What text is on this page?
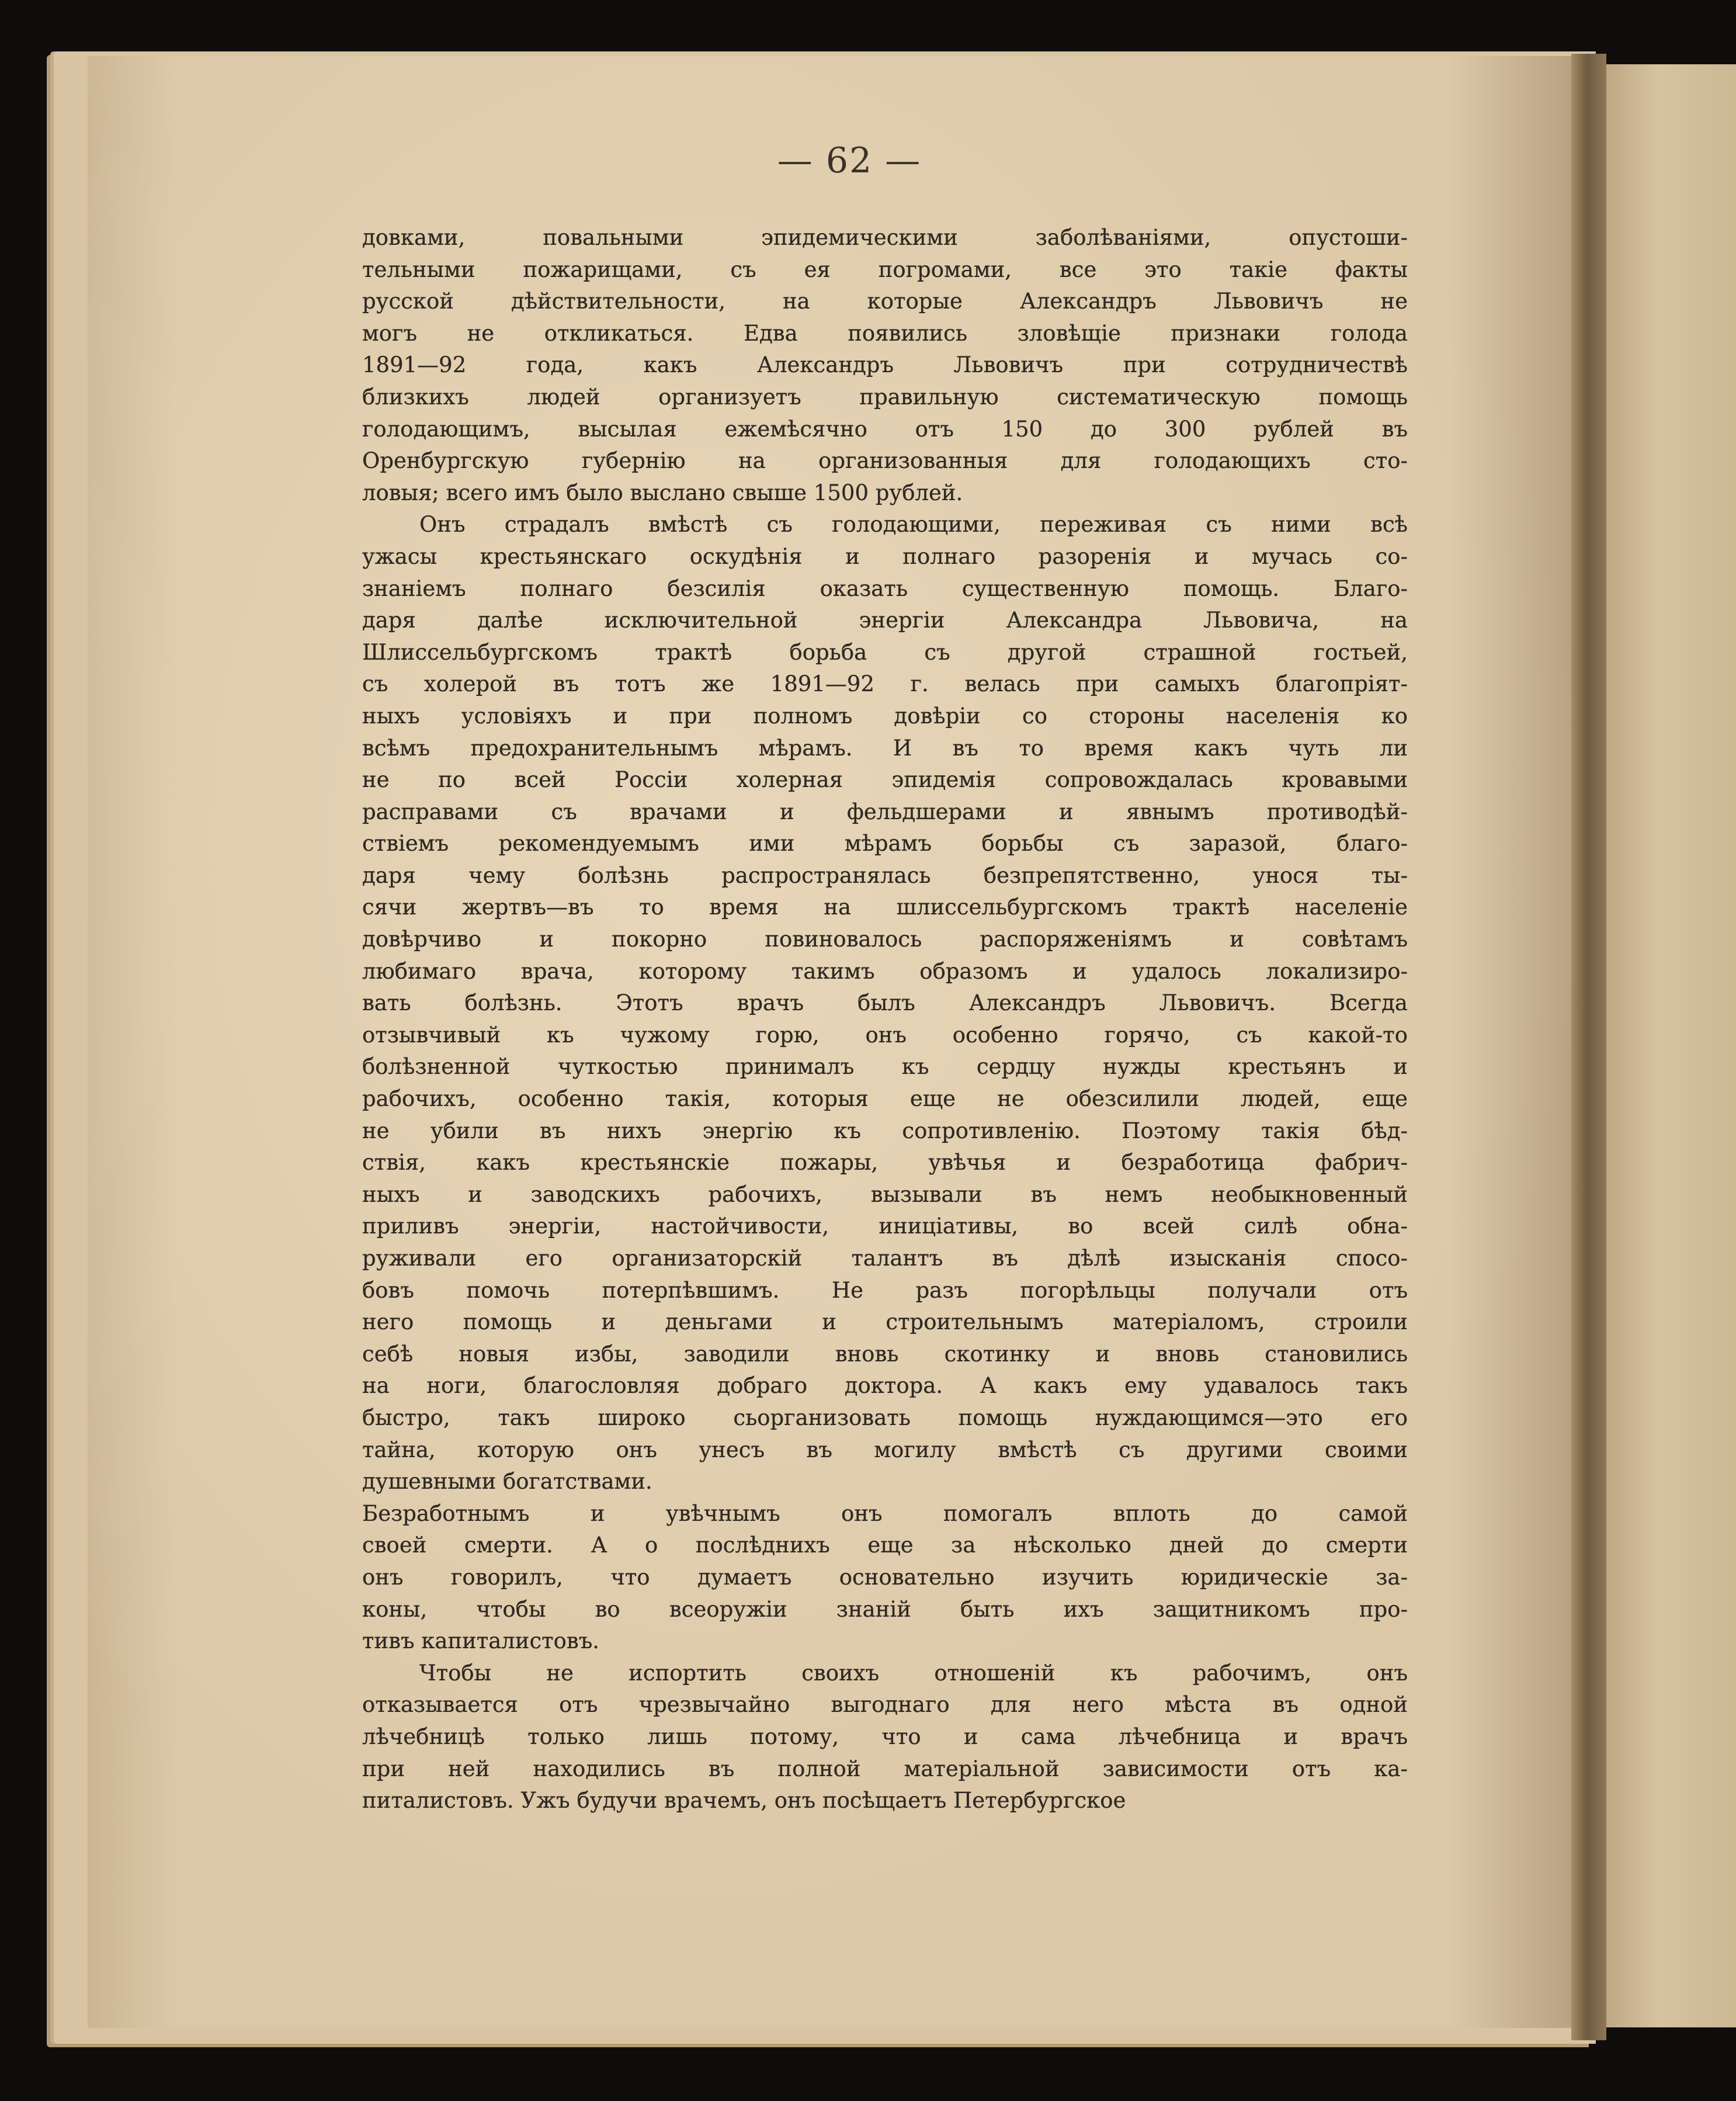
— 62 —
довками, повальными эпидемическими заболѣваніями, опустоши-
тельными пожарищами, съ ея погромами, все это такіе факты
русской дѣйствительности, на которые Александръ Львовичъ не
могъ не откликаться. Едва появились зловѣщіе признаки голода
1891—92 года, какъ Александръ Львовичъ при сотрудничествѣ
близкихъ людей организуетъ правильную систематическую помощь
голодающимъ, высылая ежемѣсячно отъ 150 до 300 рублей въ
Оренбургскую губернію на организованныя для голодающихъ сто-
ловыя; всего имъ было выслано свыше 1500 рублей.
Онъ страдалъ вмѣстѣ съ голодающими, переживая съ ними всѣ
ужасы крестьянскаго оскудѣнія и полнаго разоренія и мучась со-
знаніемъ полнаго безсилія оказать существенную помощь. Благо-
даря далѣе исключительной энергіи Александра Львовича, на
Шлиссельбургскомъ трактѣ борьба съ другой страшной гостьей,
съ холерой въ тотъ же 1891—92 г. велась при самыхъ благопріят-
ныхъ условіяхъ и при полномъ довѣріи со стороны населенія ко
всѣмъ предохранительнымъ мѣрамъ. И въ то время какъ чуть ли
не по всей Россіи холерная эпидемія сопровождалась кровавыми
расправами съ врачами и фельдшерами и явнымъ противодѣй-
ствіемъ рекомендуемымъ ими мѣрамъ борьбы съ заразой, благо-
даря чему болѣзнь распространялась безпрепятственно, унося ты-
сячи жертвъ—въ то время на шлиссельбургскомъ трактѣ населеніе
довѣрчиво и покорно повиновалось распоряженіямъ и совѣтамъ
любимаго врача, которому такимъ образомъ и удалось локализиро-
вать болѣзнь. Этотъ врачъ былъ Александръ Львовичъ. Всегда
отзывчивый къ чужому горю, онъ особенно горячо, съ какой-то
болѣзненной чуткостью принималъ къ сердцу нужды крестьянъ и
рабочихъ, особенно такія, которыя еще не обезсилили людей, еще
не убили въ нихъ энергію къ сопротивленію. Поэтому такія бѣд-
ствія, какъ крестьянскіе пожары, увѣчья и безработица фабрич-
ныхъ и заводскихъ рабочихъ, вызывали въ немъ необыкновенный
приливъ энергіи, настойчивости, иниціативы, во всей силѣ обна-
руживали его организаторскій талантъ въ дѣлѣ изысканія спосо-
бовъ помочь потерпѣвшимъ. Не разъ погорѣльцы получали отъ
него помощь и деньгами и строительнымъ матеріаломъ, строили
себѣ новыя избы, заводили вновь скотинку и вновь становились
на ноги, благословляя добраго доктора. А какъ ему удавалось такъ
быстро, такъ широко сьорганизовать помощь нуждающимся—это его
тайна, которую онъ унесъ въ могилу вмѣстѣ съ другими своими
душевными богатствами.
Безработнымъ и увѣчнымъ онъ помогалъ вплоть до самой
своей смерти. А о послѣднихъ еще за нѣсколько дней до смерти
онъ говорилъ, что думаетъ основательно изучить юридическіе за-
коны, чтобы во всеоружіи знаній быть ихъ защитникомъ про-
тивъ капиталистовъ.
Чтобы не испортить своихъ отношеній къ рабочимъ, онъ
отказывается отъ чрезвычайно выгоднаго для него мѣста въ одной
лѣчебницѣ только лишь потому, что и сама лѣчебница и врачъ
при ней находились въ полной матеріальной зависимости отъ ка-
питалистовъ. Ужъ будучи врачемъ, онъ посѣщаетъ Петербургское
